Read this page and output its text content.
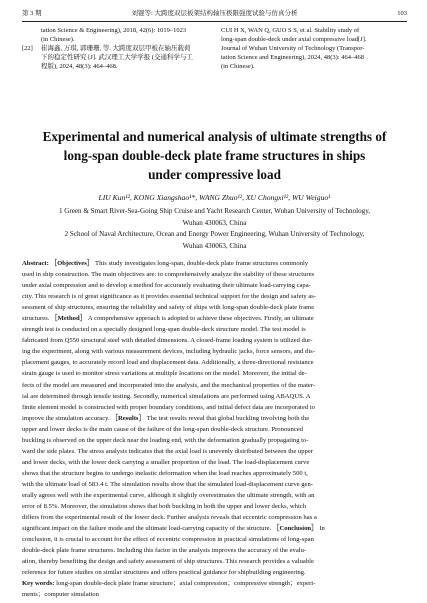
第 3 期	刘锟等: 大跨度双层板架结构轴压极限强度试验与仿真分析	103
tation Science & Engineering), 2018, 42(6): 1019–1023
(in Chinese).
[22] 崔海鑫, 万琪, 郭珊珊, 等. 大跨度双层甲板在轴压载荷
下的稳定性研究 [J]. 武汉理工大学学报 (交通科学与工
程版), 2024, 48(3): 464–468.
CUI H X, WAN Q, GUO S S, et al. Stability study of
long-span double-deck under axial compressive load[J].
Journal of Wuhan University of Technology (Transpor-
tation Science and Engineering), 2024, 48(3): 464–468
(in Chinese).
Experimental and numerical analysis of ultimate strengths of
long-span double-deck plate frame structures in ships
under compressive load
LIU Kun¹², KONG Xiangshao¹*, WANG Zhuo¹², XU Chongxi¹², WU Weiguo¹
1 Green & Smart River-Sea-Going Ship Cruise and Yacht Research Center, Wuhan University of Technology,
Wuhan 430063, China
2 School of Naval Architecture, Ocean and Energy Power Engineering, Wuhan University of Technology,
Wuhan 430063, China
Abstract: ［Objectives］ This study investigates long-span, double-deck plate frame structures commonly
used in ship construction. The main objectives are: to comprehensively analyze the stability of these structures
under axial compression and to develop a method for accurately evaluating their ultimate load-carrying capa-
city. This research is of great significance as it provides essential technical support for the design and safety as-
sessment of ship structures, ensuring the reliability and safety of ships with long-span double-deck plate frame
structures. ［Method］ A comprehensive approach is adopted to achieve these objectives. Firstly, an ultimate
strength test is conducted on a specially designed long-span double-deck structure model. The test model is
fabricated from Q550 structural steel with detailed dimensions. A closed-frame loading system is utilized dur-
ing the experiment, along with various measurement devices, including hydraulic jacks, force sensors, and dis-
placement gauges, to accurately record load and displacement data. Additionally, a three-directional resistance
strain gauge is used to monitor stress variations at multiple locations on the model. Moreover, the initial de-
fects of the model are measured and incorporated into the analysis, and the mechanical properties of the mater-
ial are determined through tensile testing. Secondly, numerical simulations are performed using ABAQUS. A
finite element model is constructed with proper boundary conditions, and initial defect data are incorporated to
improve the simulation accuracy. ［Results］ The test results reveal that global buckling involving both the
upper and lower decks is the main cause of the failure of the long-span double-deck structure. Pronounced
buckling is observed on the upper deck near the loading end, with the deformation gradually propagating to-
ward the side plates. The stress analysis indicates that the axial load is unevenly distributed between the upper
and lower decks, with the lower deck carrying a smaller proportion of the load. The load-displacement curve
shows that the structure begins to undergo inelastic deformation when the load reaches approximately 500 t,
with the ultimate load of 583.4 t. The simulation results show that the simulated load-displacement curve gen-
erally agrees well with the experimental curve, although it slightly overestimates the ultimate strength, with an
error of 8.5%. Moreover, the simulation shows that both buckling in both the upper and lower decks, which
differs from the experimental result of the lower deck. Further analysis reveals that eccentric compression has a
significant impact on the failure mode and the ultimate load-carrying capacity of the structure. ［Conclusion］ In
conclusion, it is crucial to account for the effect of eccentric compression in practical simulations of long-span
double-deck plate frame structures. Including this factor in the analysis improves the accuracy of the evalu-
ation, thereby benefiting the design and safety assessment of ship structures. This research provides a valuable
reference for future studies on similar structures and offers practical guidance for shipbuilding engineering.
Key words: long-span double-deck plate frame structure；axial compression；compressive strength；experi-
ments；computer simulation
